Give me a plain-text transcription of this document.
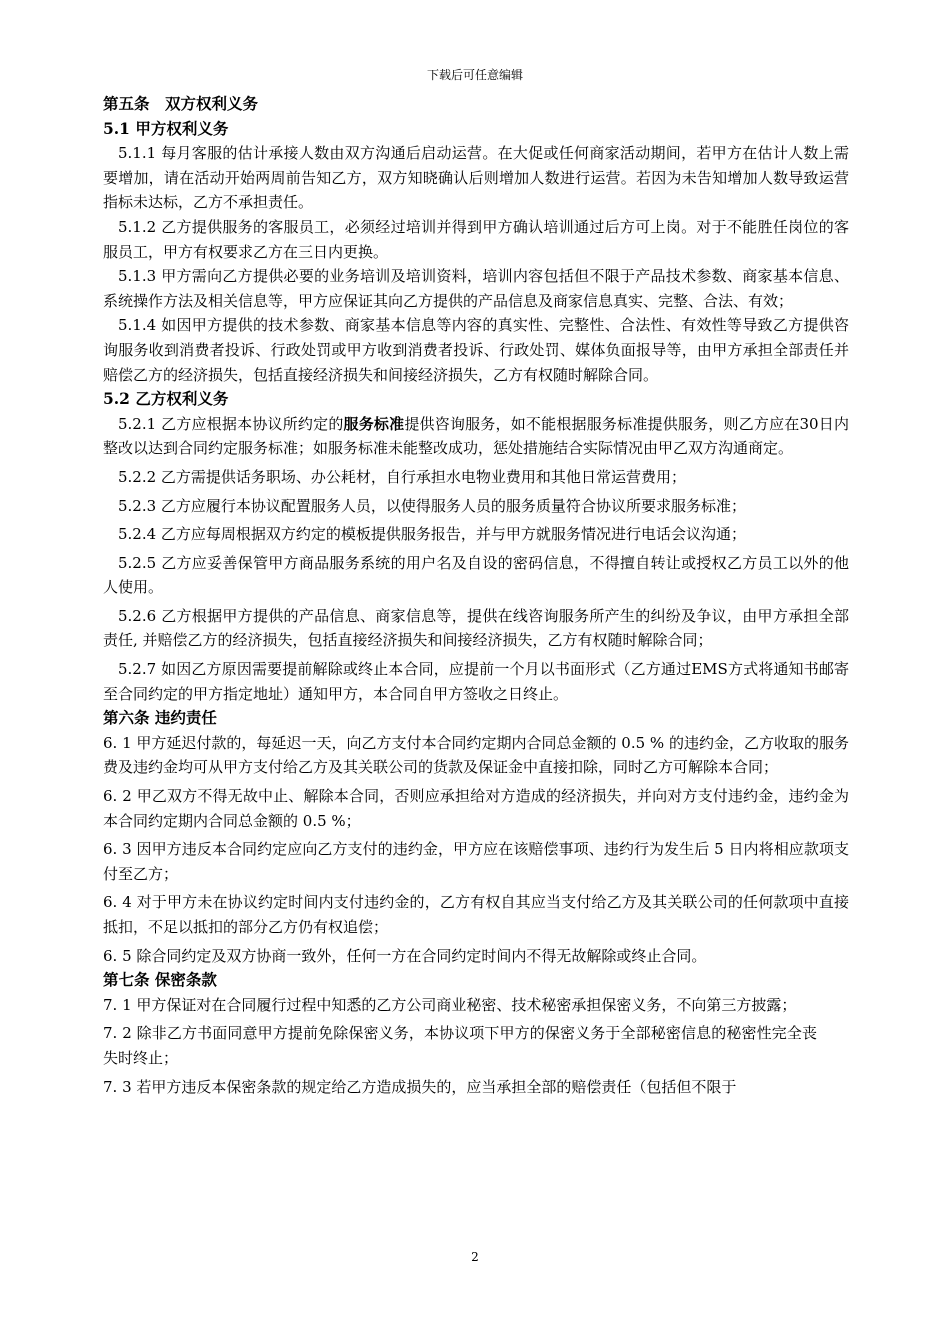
下载后可任意编辑

第五条　双方权利义务

5.1 甲方权利义务

5.1.1 每月客服的估计承接人数由双方沟通后启动运营。在大促或任何商家活动期间，若甲方在估计人数上需要增加，请在活动开始两周前告知乙方，双方知晓确认后则增加人数进行运营。若因为未告知增加人数导致运营指标未达标，乙方不承担责任。

5.1.2 乙方提供服务的客服员工，必须经过培训并得到甲方确认培训通过后方可上岗。对于不能胜任岗位的客服员工，甲方有权要求乙方在三日内更换。

5.1.3 甲方需向乙方提供必要的业务培训及培训资料，培训内容包括但不限于产品技术参数、商家基本信息、系统操作方法及相关信息等，甲方应保证其向乙方提供的产品信息及商家信息真实、完整、合法、有效；

5.1.4 如因甲方提供的技术参数、商家基本信息等内容的真实性、完整性、合法性、有效性等导致乙方提供咨询服务收到消费者投诉、行政处罚或甲方收到消费者投诉、行政处罚、媒体负面报导等，由甲方承担全部责任并赔偿乙方的经济损失，包括直接经济损失和间接经济损失，乙方有权随时解除合同。

5.2 乙方权利义务

5.2.1 乙方应根据本协议所约定的服务标准提供咨询服务，如不能根据服务标准提供服务，则乙方应在30日内整改以达到合同约定服务标准；如服务标准未能整改成功，惩处措施结合实际情况由甲乙双方沟通商定。

5.2.2 乙方需提供话务职场、办公耗材，自行承担水电物业费用和其他日常运营费用；

5.2.3 乙方应履行本协议配置服务人员，以使得服务人员的服务质量符合协议所要求服务标准；

5.2.4 乙方应每周根据双方约定的模板提供服务报告，并与甲方就服务情况进行电话会议沟通；

5.2.5 乙方应妥善保管甲方商品服务系统的用户名及自设的密码信息，不得擅自转让或授权乙方员工以外的他人使用。

5.2.6 乙方根据甲方提供的产品信息、商家信息等，提供在线咨询服务所产生的纠纷及争议，由甲方承担全部责任, 并赔偿乙方的经济损失，包括直接经济损失和间接经济损失，乙方有权随时解除合同；

5.2.7 如因乙方原因需要提前解除或终止本合同，应提前一个月以书面形式（乙方通过EMS方式将通知书邮寄至合同约定的甲方指定地址）通知甲方，本合同自甲方签收之日终止。

第六条 违约责任

6. 1 甲方延迟付款的，每延迟一天，向乙方支付本合同约定期内合同总金额的 0.5 % 的违约金，乙方收取的服务费及违约金均可从甲方支付给乙方及其关联公司的货款及保证金中直接扣除，同时乙方可解除本合同；

6. 2 甲乙双方不得无故中止、解除本合同，否则应承担给对方造成的经济损失，并向对方支付违约金，违约金为本合同约定期内合同总金额的 0.5 %；

6. 3 因甲方违反本合同约定应向乙方支付的违约金，甲方应在该赔偿事项、违约行为发生后 5 日内将相应款项支付至乙方；

6. 4 对于甲方未在协议约定时间内支付违约金的，乙方有权自其应当支付给乙方及其关联公司的任何款项中直接抵扣，不足以抵扣的部分乙方仍有权追偿；

6. 5 除合同约定及双方协商一致外，任何一方在合同约定时间内不得无故解除或终止合同。

第七条 保密条款

7. 1 甲方保证对在合同履行过程中知悉的乙方公司商业秘密、技术秘密承担保密义务，不向第三方披露；

7. 2 除非乙方书面同意甲方提前免除保密义务，本协议项下甲方的保密义务于全部秘密信息的秘密性完全丧失时终止；

7. 3 若甲方违反本保密条款的规定给乙方造成损失的，应当承担全部的赔偿责任（包括但不限于

2
